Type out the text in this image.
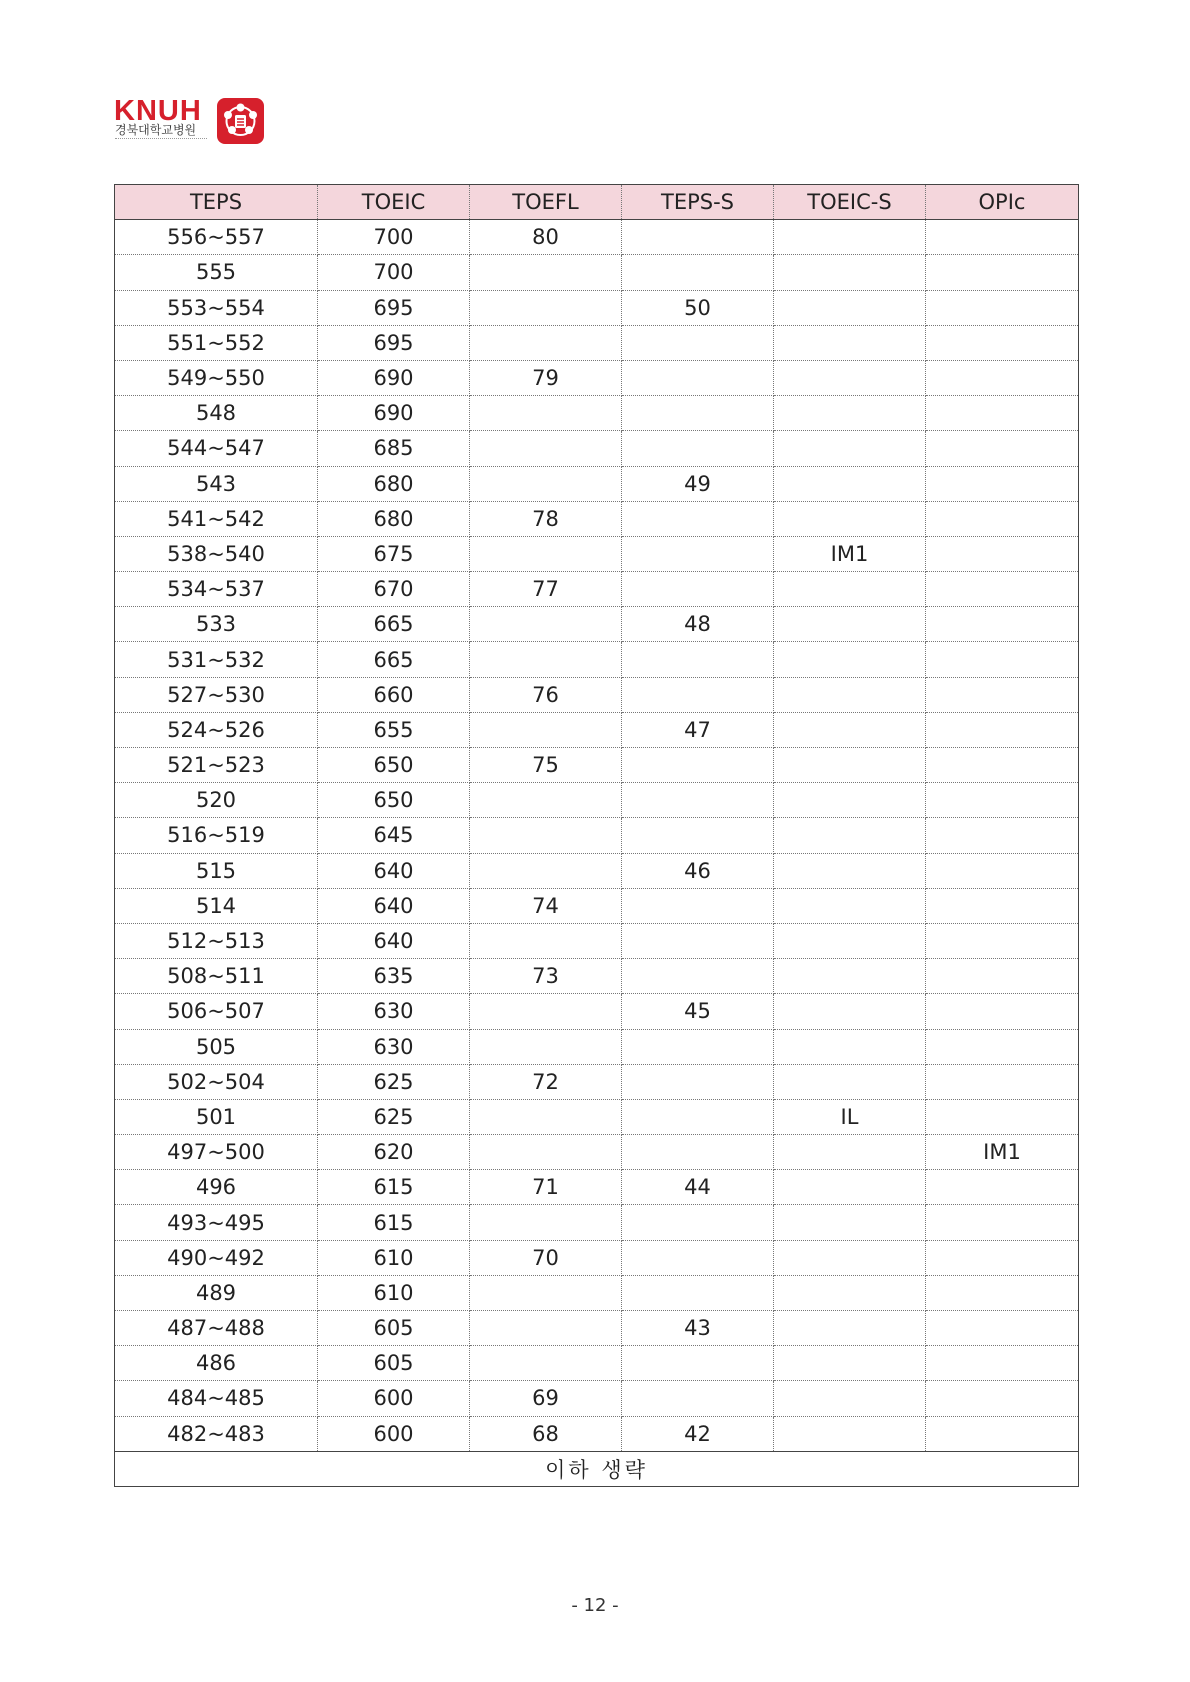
KNUH
경북대학교병원
TEPS	TOEIC	TOEFL	TEPS-S	TOEIC-S	OPIc
556~557	700	80			
555	700				
553~554	695		50		
551~552	695				
549~550	690	79			
548	690				
544~547	685				
543	680		49		
541~542	680	78			
538~540	675			IM1	
534~537	670	77			
533	665		48		
531~532	665				
527~530	660	76			
524~526	655		47		
521~523	650	75			
520	650				
516~519	645				
515	640		46		
514	640	74			
512~513	640				
508~511	635	73			
506~507	630		45		
505	630				
502~504	625	72			
501	625			IL	
497~500	620				IM1
496	615	71	44		
493~495	615				
490~492	610	70			
489	610				
487~488	605		43		
486	605				
484~485	600	69			
482~483	600	68	42		
이하 생략					
- 12 -
